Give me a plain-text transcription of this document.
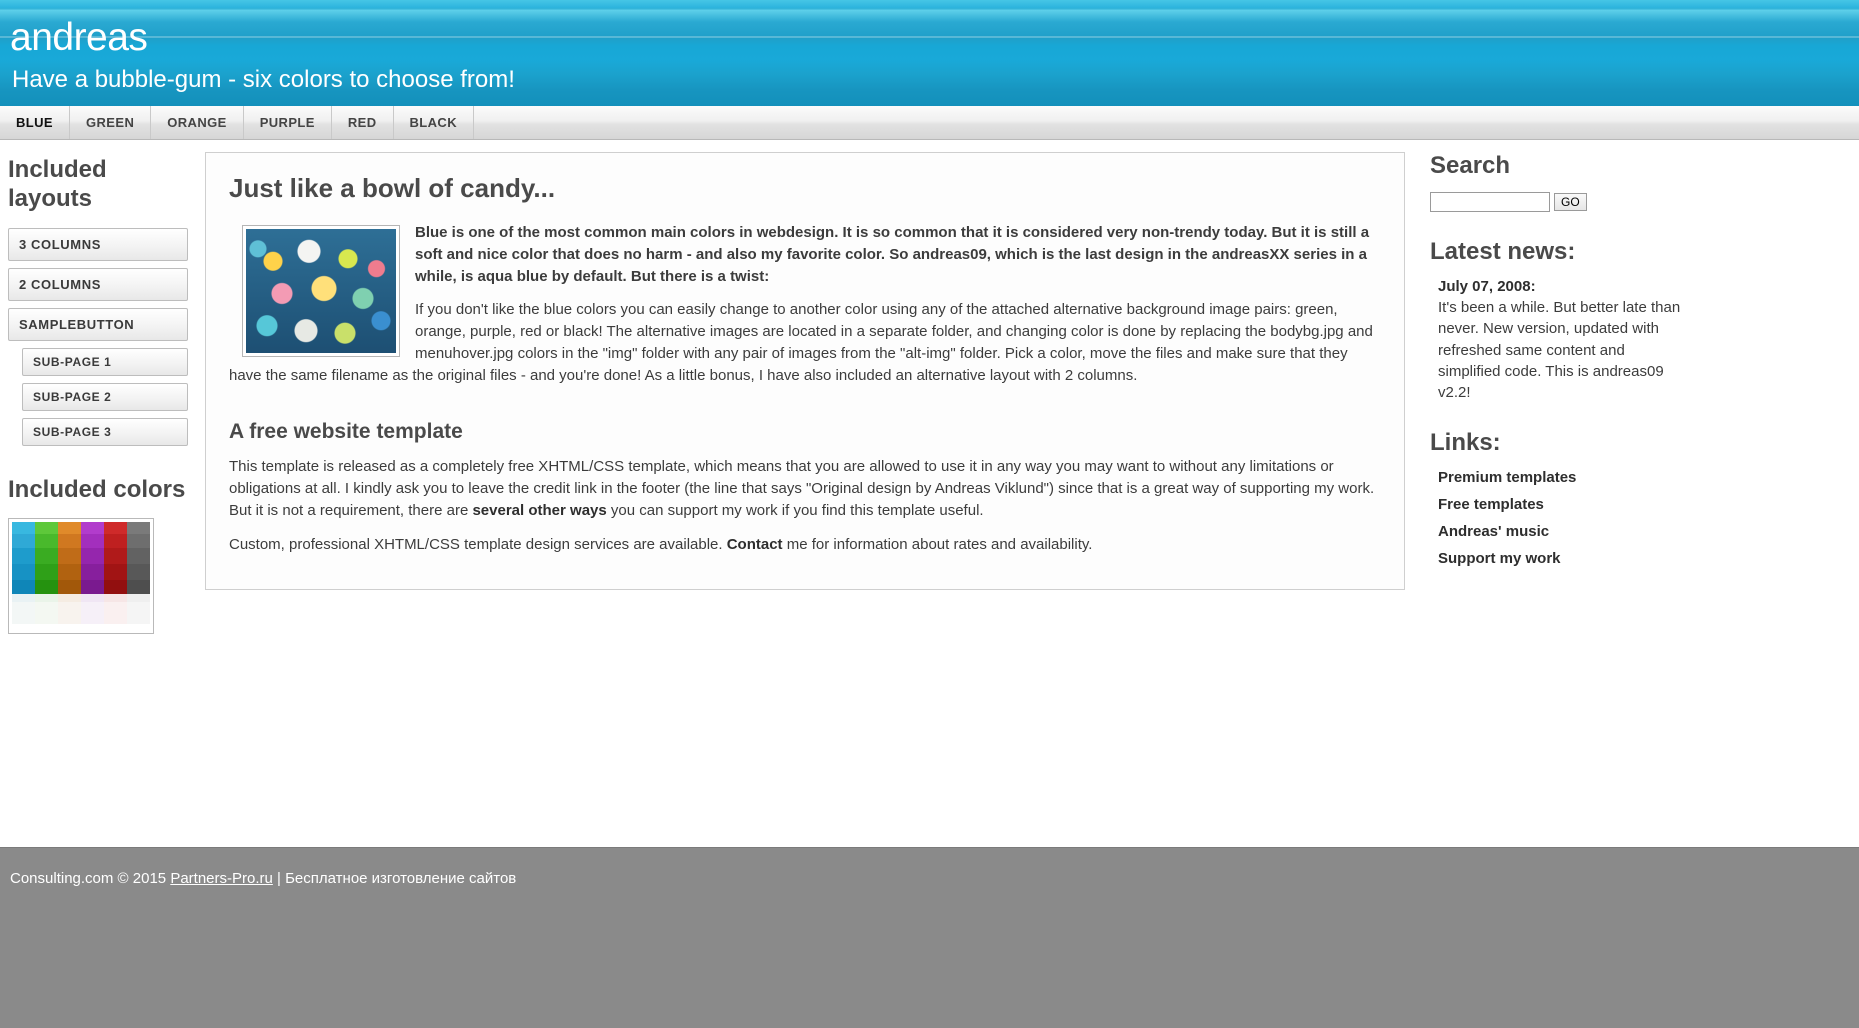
andreas

Have a bubble-gum - six colors to choose from!

BLUE	GREEN	ORANGE	PURPLE	RED	BLACK
Included layouts
3 COLUMNS
2 COLUMNS
SAMPLEBUTTON
SUB-PAGE 1
SUB-PAGE 2
SUB-PAGE 3
Included colors
Just like a bowl of candy...

Blue is one of the most common main colors in webdesign. It is so common that it is considered very non-trendy today. But it is still a soft and nice color that does no harm - and also my favorite color. So andreas09, which is the last design in the andreasXX series in a while, is aqua blue by default. But there is a twist:

If you don't like the blue colors you can easily change to another color using any of the attached alternative background image pairs: green, orange, purple, red or black! The alternative images are located in a separate folder, and changing color is done by replacing the bodybg.jpg and menuhover.jpg colors in the "img" folder with any pair of images from the "alt-img" folder. Pick a color, move the files and make sure that they have the same filename as the original files - and you're done! As a little bonus, I have also included an alternative layout with 2 columns.

A free website template

This template is released as a completely free XHTML/CSS template, which means that you are allowed to use it in any way you may want to without any limitations or obligations at all. I kindly ask you to leave the credit link in the footer (the line that says "Original design by Andreas Viklund") since that is a great way of supporting my work. But it is not a requirement, there are several other ways you can support my work if you find this template useful.

Custom, professional XHTML/CSS template design services are available. Contact me for information about rates and availability.

Search
GO
Latest news:

July 07, 2008:

It's been a while. But better late than never. New version, updated with refreshed same content and simplified code. This is andreas09 v2.2!

Links:
Premium templates
Free templates
Andreas' music
Support my work

Consulting.com © 2015 Partners-Pro.ru | Бесплатное изготовление сайтов
